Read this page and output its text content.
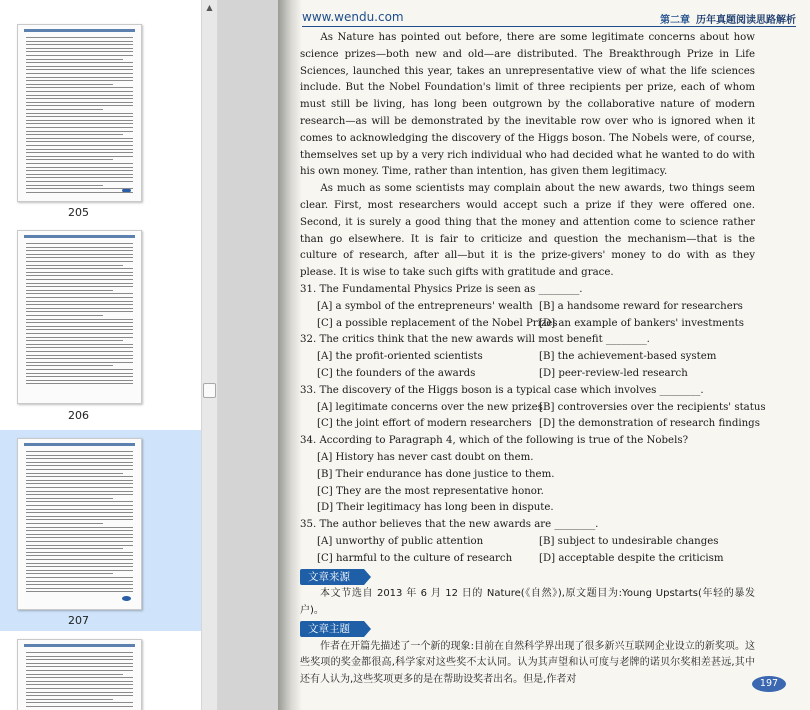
205
206
207
▲
www.wendu.com	第二章 历年真题阅读思路解析

As Nature has pointed out before, there are some legitimate concerns about how science prizes—both new and old—are distributed. The Breakthrough Prize in Life Sciences, launched this year, takes an unrepresentative view of what the life sciences include. But the Nobel Foundation's limit of three recipients per prize, each of whom must still be living, has long been outgrown by the collaborative nature of modern research—as will be demonstrated by the inevitable row over who is ignored when it comes to acknowledging the discovery of the Higgs boson. The Nobels were, of course, themselves set up by a very rich individual who had decided what he wanted to do with his own money. Time, rather than intention, has given them legitimacy.

As much as some scientists may complain about the new awards, two things seem clear. First, most researchers would accept such a prize if they were offered one. Second, it is surely a good thing that the money and attention come to science rather than go elsewhere. It is fair to criticize and question the mechanism—that is the culture of research, after all—but it is the prize-givers' money to do with as they please. It is wise to take such gifts with gratitude and grace.

31. The Fundamental Physics Prize is seen as ________.
[A] a symbol of the entrepreneurs' wealth [B] a handsome reward for researchers
[C] a possible replacement of the Nobel Prizes
[D] an example of bankers' investments
32. The critics think that the new awards will most benefit ________.
[A] the profit-oriented scientists	[B] the achievement-based system
[C] the founders of the awards	[D] peer-review-led research
33. The discovery of the Higgs boson is a typical case which involves ________.
[A] legitimate concerns over the new prizes
[B] controversies over the recipients' status
[C] the joint effort of modern researchers [D] the demonstration of research findings
34. According to Paragraph 4, which of the following is true of the Nobels?
[A] History has never cast doubt on them.
[B] Their endurance has done justice to them.
[C] They are the most representative honor.
[D] Their legitimacy has long been in dispute.
35. The author believes that the new awards are ________.
[A] unworthy of public attention	[B] subject to undesirable changes
[C] harmful to the culture of research	[D] acceptable despite the criticism
文章来源

本文节选自 2013 年 6 月 12 日的 Nature(《自然》),原文题目为:Young Upstarts(年轻的暴发户)。

文章主题

作者在开篇先描述了一个新的现象:目前在自然科学界出现了很多新兴互联网企业设立的新奖项。这些奖项的奖金都很高,科学家对这些奖不太认同。认为其声望和认可度与老牌的诺贝尔奖相差甚远,其中还有人认为,这些奖项更多的是在帮助设奖者出名。但是,作者对	197
